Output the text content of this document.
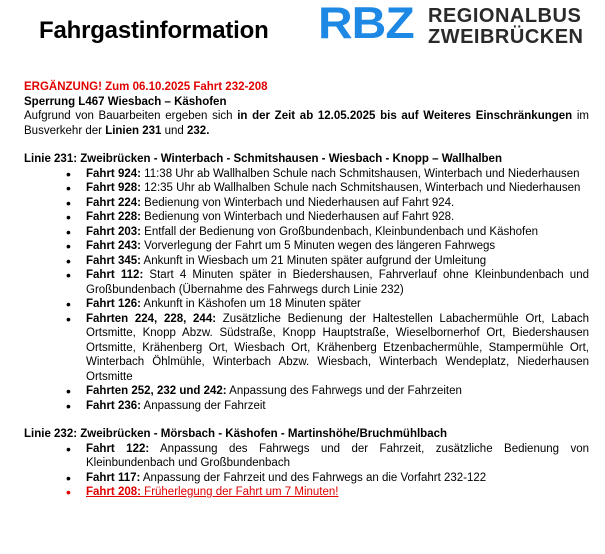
Fahrgastinformation RBZ REGIONALBUS
ZWEIBRÜCKEN
ERGÄNZUNG! Zum 06.10.2025 Fahrt 232-208
Sperrung L467 Wiesbach – Käshofen
Aufgrund von Bauarbeiten ergeben sich in der Zeit ab 12.05.2025 bis auf Weiteres Einschränkungen im Busverkehr der Linien 231 und 232.
Linie 231: Zweibrücken - Winterbach - Schmitshausen - Wiesbach - Knopp – Wallhalben
• Fahrt 924: 11:38 Uhr ab Wallhalben Schule nach Schmitshausen, Winterbach und Niederhausen
• Fahrt 928: 12:35 Uhr ab Wallhalben Schule nach Schmitshausen, Winterbach und Niederhausen
• Fahrt 224: Bedienung von Winterbach und Niederhausen auf Fahrt 924.
• Fahrt 228: Bedienung von Winterbach und Niederhausen auf Fahrt 928.
• Fahrt 203: Entfall der Bedienung von Großbundenbach, Kleinbundenbach und Käshofen
• Fahrt 243: Vorverlegung der Fahrt um 5 Minuten wegen des längeren Fahrwegs
• Fahrt 345: Ankunft in Wiesbach um 21 Minuten später aufgrund der Umleitung
• Fahrt 112: Start 4 Minuten später in Biedershausen, Fahrverlauf ohne Kleinbundenbach und Großbundenbach (Übernahme des Fahrwegs durch Linie 232)
• Fahrt 126: Ankunft in Käshofen um 18 Minuten später
• Fahrten 224, 228, 244: Zusätzliche Bedienung der Haltestellen Labachermühle Ort, Labach Ortsmitte, Knopp Abzw. Südstraße, Knopp Hauptstraße, Wieselbornerhof Ort, Biedershausen Ortsmitte, Krähenberg Ort, Wiesbach Ort, Krähenberg Etzenbachermühle, Stampermühle Ort, Winterbach Öhlmühle, Winterbach Abzw. Wiesbach, Winterbach Wendeplatz, Niederhausen Ortsmitte
• Fahrten 252, 232 und 242: Anpassung des Fahrwegs und der Fahrzeiten
• Fahrt 236: Anpassung der Fahrzeit
Linie 232: Zweibrücken - Mörsbach - Käshofen - Martinshöhe/Bruchmühlbach
• Fahrt 122: Anpassung des Fahrwegs und der Fahrzeit, zusätzliche Bedienung von Kleinbundenbach und Großbundenbach
• Fahrt 117: Anpassung der Fahrzeit und des Fahrwegs an die Vorfahrt 232-122
• Fahrt 208: Früherlegung der Fahrt um 7 Minuten!
